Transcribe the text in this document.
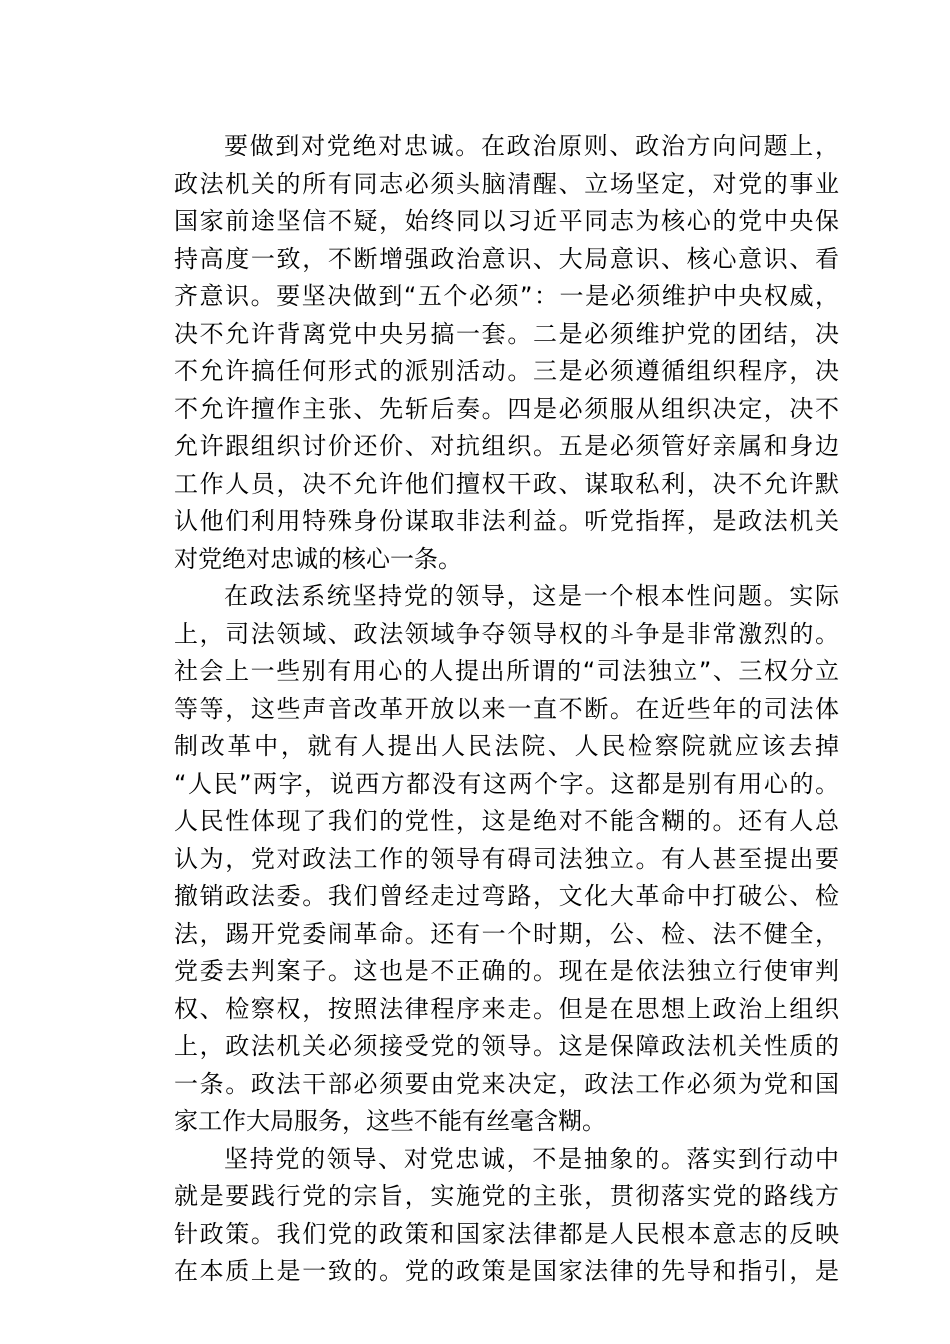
要做到对党绝对忠诚。在政治原则、政治方向问题上，
政法机关的所有同志必须头脑清醒、立场坚定，对党的事业
国家前途坚信不疑，始终同以习近平同志为核心的党中央保
持高度一致，不断增强政治意识、大局意识、核心意识、看
齐意识。要坚决做到“五个必须”：一是必须维护中央权威，
决不允许背离党中央另搞一套。二是必须维护党的团结，决
不允许搞任何形式的派别活动。三是必须遵循组织程序，决
不允许擅作主张、先斩后奏。四是必须服从组织决定，决不
允许跟组织讨价还价、对抗组织。五是必须管好亲属和身边
工作人员，决不允许他们擅权干政、谋取私利，决不允许默
认他们利用特殊身份谋取非法利益。听党指挥，是政法机关
对党绝对忠诚的核心一条。
在政法系统坚持党的领导，这是一个根本性问题。实际
上，司法领域、政法领域争夺领导权的斗争是非常激烈的。
社会上一些别有用心的人提出所谓的“司法独立”、三权分立
等等，这些声音改革开放以来一直不断。在近些年的司法体
制改革中，就有人提出人民法院、人民检察院就应该去掉
“人民”两字，说西方都没有这两个字。这都是别有用心的。
人民性体现了我们的党性，这是绝对不能含糊的。还有人总
认为，党对政法工作的领导有碍司法独立。有人甚至提出要
撤销政法委。我们曾经走过弯路，文化大革命中打破公、检
法，踢开党委闹革命。还有一个时期，公、检、法不健全，
党委去判案子。这也是不正确的。现在是依法独立行使审判
权、检察权，按照法律程序来走。但是在思想上政治上组织
上，政法机关必须接受党的领导。这是保障政法机关性质的
一条。政法干部必须要由党来决定，政法工作必须为党和国
家工作大局服务，这些不能有丝毫含糊。
坚持党的领导、对党忠诚，不是抽象的。落实到行动中
就是要践行党的宗旨，实施党的主张，贯彻落实党的路线方
针政策。我们党的政策和国家法律都是人民根本意志的反映
在本质上是一致的。党的政策是国家法律的先导和指引，是
